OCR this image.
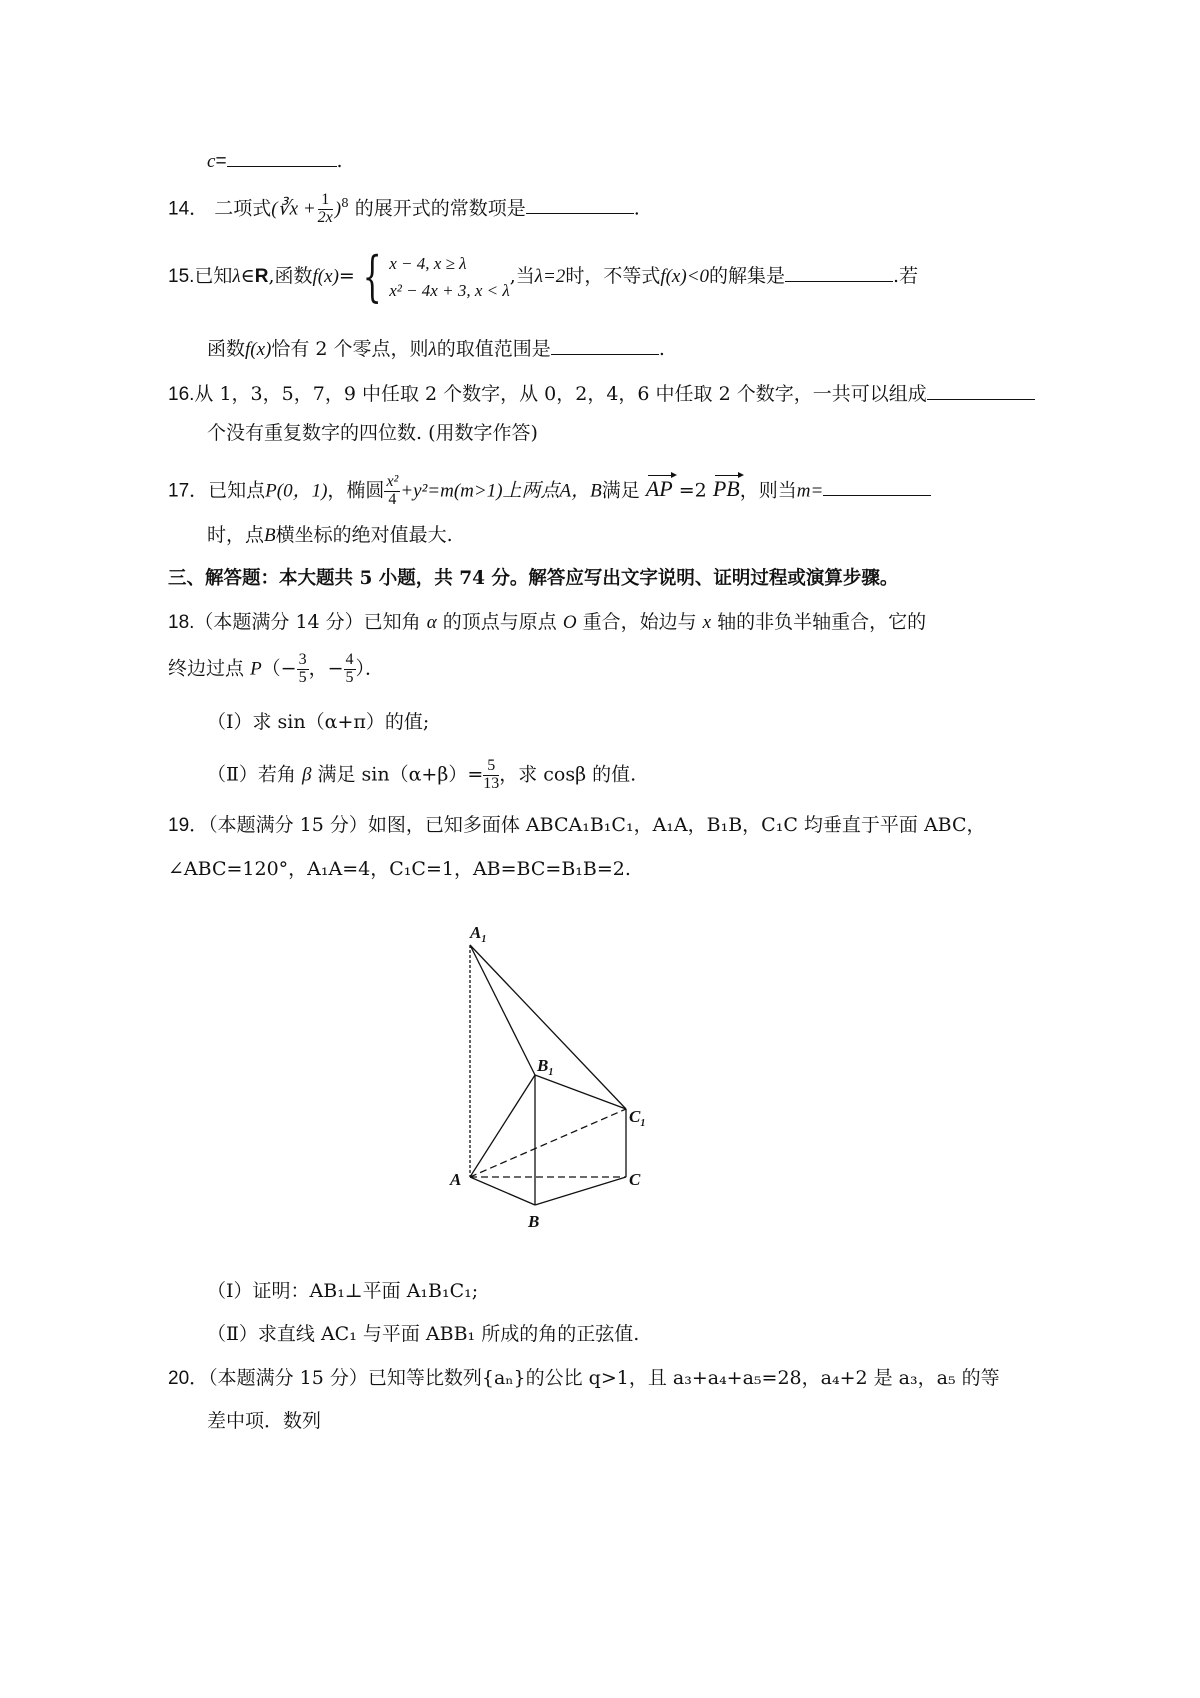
c=	.
14． 二项式(∛x + $\frac{1}{2x} )^8$ 的展开式的常数项是	.
15.已知λ∈R,函数f(x)= { x − 4, x ≥ λ
x² − 4x + 3, x < λ
,当λ=2时，不等式f(x)<0的解集是	.若
函数f(x)恰有 2 个零点，则λ的取值范围是	.
16.从 1，3，5，7，9 中任取 2 个数字，从 0，2，4，6 中任取 2 个数字，一共可以组成
个没有重复数字的四位数. (用数字作答)
17．已知点P(0，1)，椭圆 $\frac{\text{x²}}{4} +y^2=m(m>1)$上两点A，B满足 AP =2 PB，则当m=
时，点B横坐标的绝对值最大.
三、解答题：本大题共 5 小题，共 74 分。解答应写出文字说明、证明过程或演算步骤。
18.（本题满分 14 分）已知角 α 的顶点与原点 O 重合，始边与 x 轴的非负半轴重合，它的
终边过点 $P(- \frac{3}{5}$ ，− $\frac{4}{5}$ ）．
（Ⅰ）求 sin（α+π）的值;
（Ⅱ）若角 β 满足 $\sin(\alpha+\beta)= \frac{5}{13}$ ，求 cosβ 的值.
19．（本题满分 15 分）如图，已知多面体 ABCA₁B₁C₁，A₁A，B₁B，C₁C 均垂直于平面 ABC，
∠ABC=120°，A₁A=4，C₁C=1，AB=BC=B₁B=2.
$A_1$
$B_1$
$C_1$
A
B
C
（Ⅰ）证明：AB₁⊥平面 A₁B₁C₁;
（Ⅱ）求直线 AC₁ 与平面 ABB₁ 所成的角的正弦值.
20．（本题满分 15 分）已知等比数列{aₙ}的公比 q>1，且 a₃+a₄+a₅=28，a₄+2 是 a₃，a₅ 的等
差中项．数列
